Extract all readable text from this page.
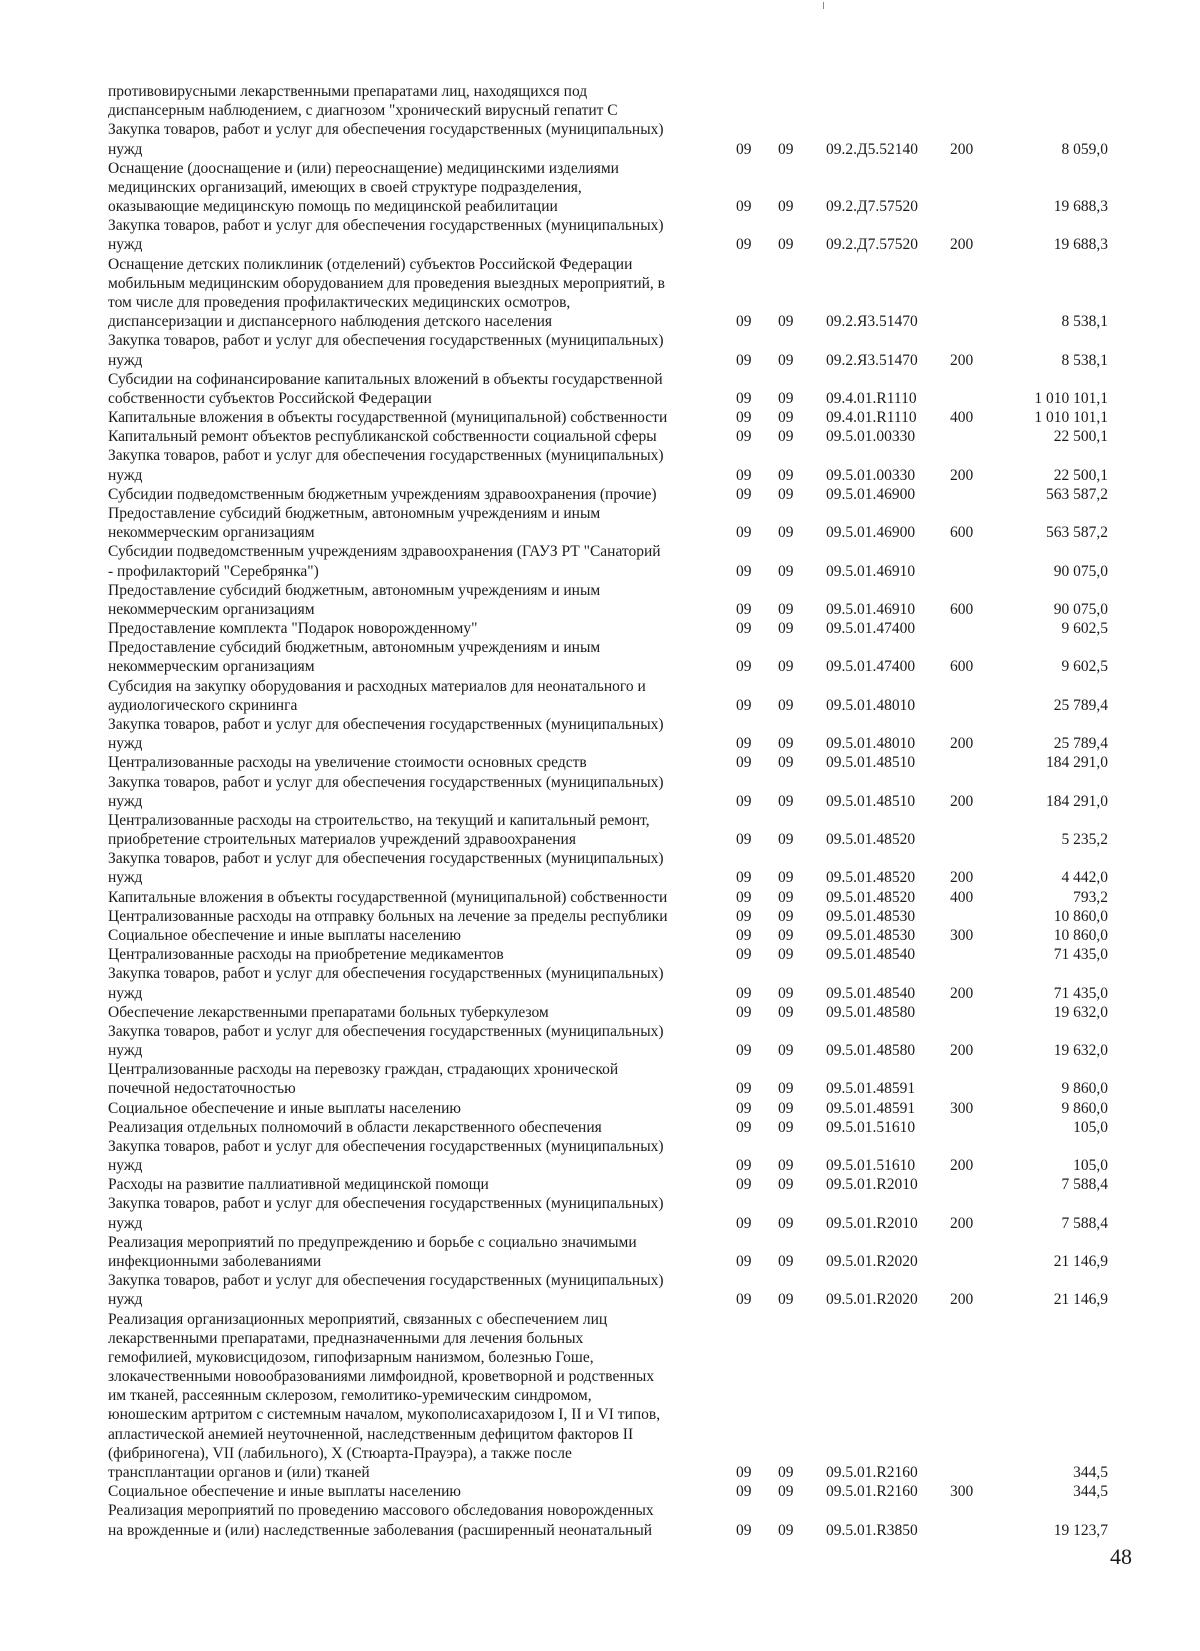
противовирусными лекарственными препаратами лиц, находящихся под
диспансерным наблюдением, с диагнозом "хронический вирусный гепатит С
Закупка товаров, работ и услуг для обеспечения государственных (муниципальных)
нужд	09 09 09.2.Д5.52140 200	8 059,0
Оснащение (дооснащение и (или) переоснащение) медицинскими изделиями
медицинских организаций, имеющих в своей структуре подразделения,
оказывающие медицинскую помощь по медицинской реабилитации	09 09 09.2.Д7.57520	19 688,3
Закупка товаров, работ и услуг для обеспечения государственных (муниципальных)
нужд	09 09 09.2.Д7.57520 200	19 688,3
Оснащение детских поликлиник (отделений) субъектов Российской Федерации
мобильным медицинским оборудованием для проведения выездных мероприятий, в
том числе для проведения профилактических медицинских осмотров,
диспансеризации и диспансерного наблюдения детского населения	09 09 09.2.Я3.51470	8 538,1
Закупка товаров, работ и услуг для обеспечения государственных (муниципальных)
нужд	09 09 09.2.Я3.51470 200	8 538,1
Субсидии на софинансирование капитальных вложений в объекты государственной
собственности субъектов Российской Федерации	09 09 09.4.01.R1110	1 010 101,1
Капитальные вложения в объекты государственной (муниципальной) собственности	09 09 09.4.01.R1110 400	1 010 101,1
Капитальный ремонт объектов республиканской собственности социальной сферы	09 09 09.5.01.00330	22 500,1
Закупка товаров, работ и услуг для обеспечения государственных (муниципальных)
нужд	09 09 09.5.01.00330 200	22 500,1
Субсидии подведомственным бюджетным учреждениям здравоохранения (прочие)	09 09 09.5.01.46900	563 587,2
Предоставление субсидий бюджетным, автономным учреждениям и иным
некоммерческим организациям	09 09 09.5.01.46900 600	563 587,2
Субсидии подведомственным учреждениям здравоохранения (ГАУЗ РТ "Санаторий
- профилакторий "Серебрянка")	09 09 09.5.01.46910	90 075,0
Предоставление субсидий бюджетным, автономным учреждениям и иным
некоммерческим организациям	09 09 09.5.01.46910 600	90 075,0
Предоставление комплекта "Подарок новорожденному"	09 09 09.5.01.47400	9 602,5
Предоставление субсидий бюджетным, автономным учреждениям и иным
некоммерческим организациям	09 09 09.5.01.47400 600	9 602,5
Субсидия на закупку оборудования и расходных материалов для неонатального и
аудиологического скрининга	09 09 09.5.01.48010	25 789,4
Закупка товаров, работ и услуг для обеспечения государственных (муниципальных)
нужд	09 09 09.5.01.48010 200	25 789,4
Централизованные расходы на увеличение стоимости основных средств	09 09 09.5.01.48510	184 291,0
Закупка товаров, работ и услуг для обеспечения государственных (муниципальных)
нужд	09 09 09.5.01.48510 200	184 291,0
Централизованные расходы на строительство, на текущий и капитальный ремонт,
приобретение строительных материалов учреждений здравоохранения	09 09 09.5.01.48520	5 235,2
Закупка товаров, работ и услуг для обеспечения государственных (муниципальных)
нужд	09 09 09.5.01.48520 200	4 442,0
Капитальные вложения в объекты государственной (муниципальной) собственности	09 09 09.5.01.48520 400	793,2
Централизованные расходы на отправку больных на лечение за пределы республики	09 09 09.5.01.48530	10 860,0
Социальное обеспечение и иные выплаты населению	09 09 09.5.01.48530 300	10 860,0
Централизованные расходы на приобретение медикаментов	09 09 09.5.01.48540	71 435,0
Закупка товаров, работ и услуг для обеспечения государственных (муниципальных)
нужд	09 09 09.5.01.48540 200	71 435,0
Обеспечение лекарственными препаратами больных туберкулезом	09 09 09.5.01.48580	19 632,0
Закупка товаров, работ и услуг для обеспечения государственных (муниципальных)
нужд	09 09 09.5.01.48580 200	19 632,0
Централизованные расходы на перевозку граждан, страдающих хронической
почечной недостаточностью	09 09 09.5.01.48591	9 860,0
Социальное обеспечение и иные выплаты населению	09 09 09.5.01.48591 300	9 860,0
Реализация отдельных полномочий в области лекарственного обеспечения	09 09 09.5.01.51610	105,0
Закупка товаров, работ и услуг для обеспечения государственных (муниципальных)
нужд	09 09 09.5.01.51610 200	105,0
Расходы на развитие паллиативной медицинской помощи	09 09 09.5.01.R2010	7 588,4
Закупка товаров, работ и услуг для обеспечения государственных (муниципальных)
нужд	09 09 09.5.01.R2010 200	7 588,4
Реализация мероприятий по предупреждению и борьбе с социально значимыми
инфекционными заболеваниями	09 09 09.5.01.R2020	21 146,9
Закупка товаров, работ и услуг для обеспечения государственных (муниципальных)
нужд	09 09 09.5.01.R2020 200	21 146,9
Реализация организационных мероприятий, связанных с обеспечением лиц
лекарственными препаратами, предназначенными для лечения больных
гемофилией, муковисцидозом, гипофизарным нанизмом, болезнью Гоше,
злокачественными новообразованиями лимфоидной, кроветворной и родственных
им тканей, рассеянным склерозом, гемолитико-уремическим синдромом,
юношеским артритом с системным началом, мукополисахаридозом I, II и VI типов,
апластической анемией неуточненной, наследственным дефицитом факторов II
(фибриногена), VII (лабильного), X (Стюарта-Прауэра), а также после
трансплантации органов и (или) тканей	09 09 09.5.01.R2160	344,5
Социальное обеспечение и иные выплаты населению	09 09 09.5.01.R2160 300	344,5
Реализация мероприятий по проведению массового обследования новорожденных
на врожденные и (или) наследственные заболевания (расширенный неонатальный	09 09 09.5.01.R3850	19 123,7
48
